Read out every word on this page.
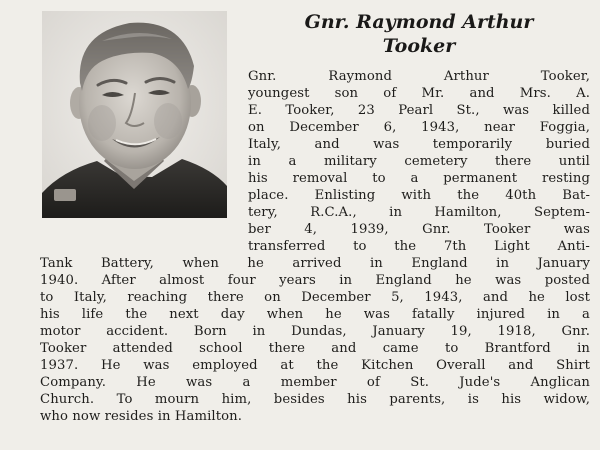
Gnr. Raymond Arthur
Tooker
Gnr. Raymond Arthur Tooker,
youngest son of Mr. and Mrs. A.
E. Tooker, 23 Pearl St., was killed
on December 6, 1943, near Foggia,
Italy, and was temporarily buried
in a military cemetery there until
his removal to a permanent resting
place. Enlisting with the 40th Bat-
tery, R.C.A., in Hamilton, Septem-
ber 4, 1939, Gnr. Tooker was
transferred to the 7th Light Anti-
Tank Battery, when he arrived in England in January
1940. After almost four years in England he was posted
to Italy, reaching there on December 5, 1943, and he lost
his life the next day when he was fatally injured in a
motor accident. Born in Dundas, January 19, 1918, Gnr.
Tooker attended school there and came to Brantford in
1937. He was employed at the Kitchen Overall and Shirt
Company. He was a member of St. Jude's Anglican
Church. To mourn him, besides his parents, is his widow,
who now resides in Hamilton.
